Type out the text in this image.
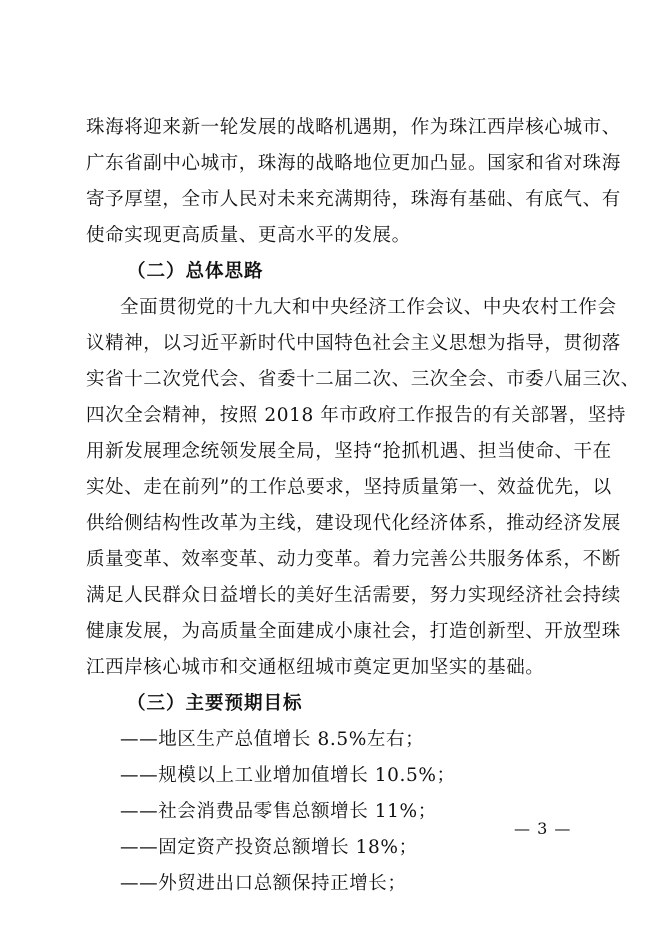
珠海将迎来新一轮发展的战略机遇期，作为珠江西岸核心城市、
广东省副中心城市，珠海的战略地位更加凸显。国家和省对珠海
寄予厚望，全市人民对未来充满期待，珠海有基础、有底气、有
使命实现更高质量、更高水平的发展。
（二）总体思路
全面贯彻党的十九大和中央经济工作会议、中央农村工作会
议精神，以习近平新时代中国特色社会主义思想为指导，贯彻落
实省十二次党代会、省委十二届二次、三次全会、市委八届三次、
四次全会精神，按照 2018 年市政府工作报告的有关部署，坚持
用新发展理念统领发展全局，坚持“抢抓机遇、担当使命、干在
实处、走在前列”的工作总要求，坚持质量第一、效益优先，以
供给侧结构性改革为主线，建设现代化经济体系，推动经济发展
质量变革、效率变革、动力变革。着力完善公共服务体系，不断
满足人民群众日益增长的美好生活需要，努力实现经济社会持续
健康发展，为高质量全面建成小康社会，打造创新型、开放型珠
江西岸核心城市和交通枢纽城市奠定更加坚实的基础。
（三）主要预期目标
——地区生产总值增长 8.5%左右；
——规模以上工业增加值增长 10.5%；
——社会消费品零售总额增长 11%；
——固定资产投资总额增长 18%；
——外贸进出口总额保持正增长；
— 3 —
